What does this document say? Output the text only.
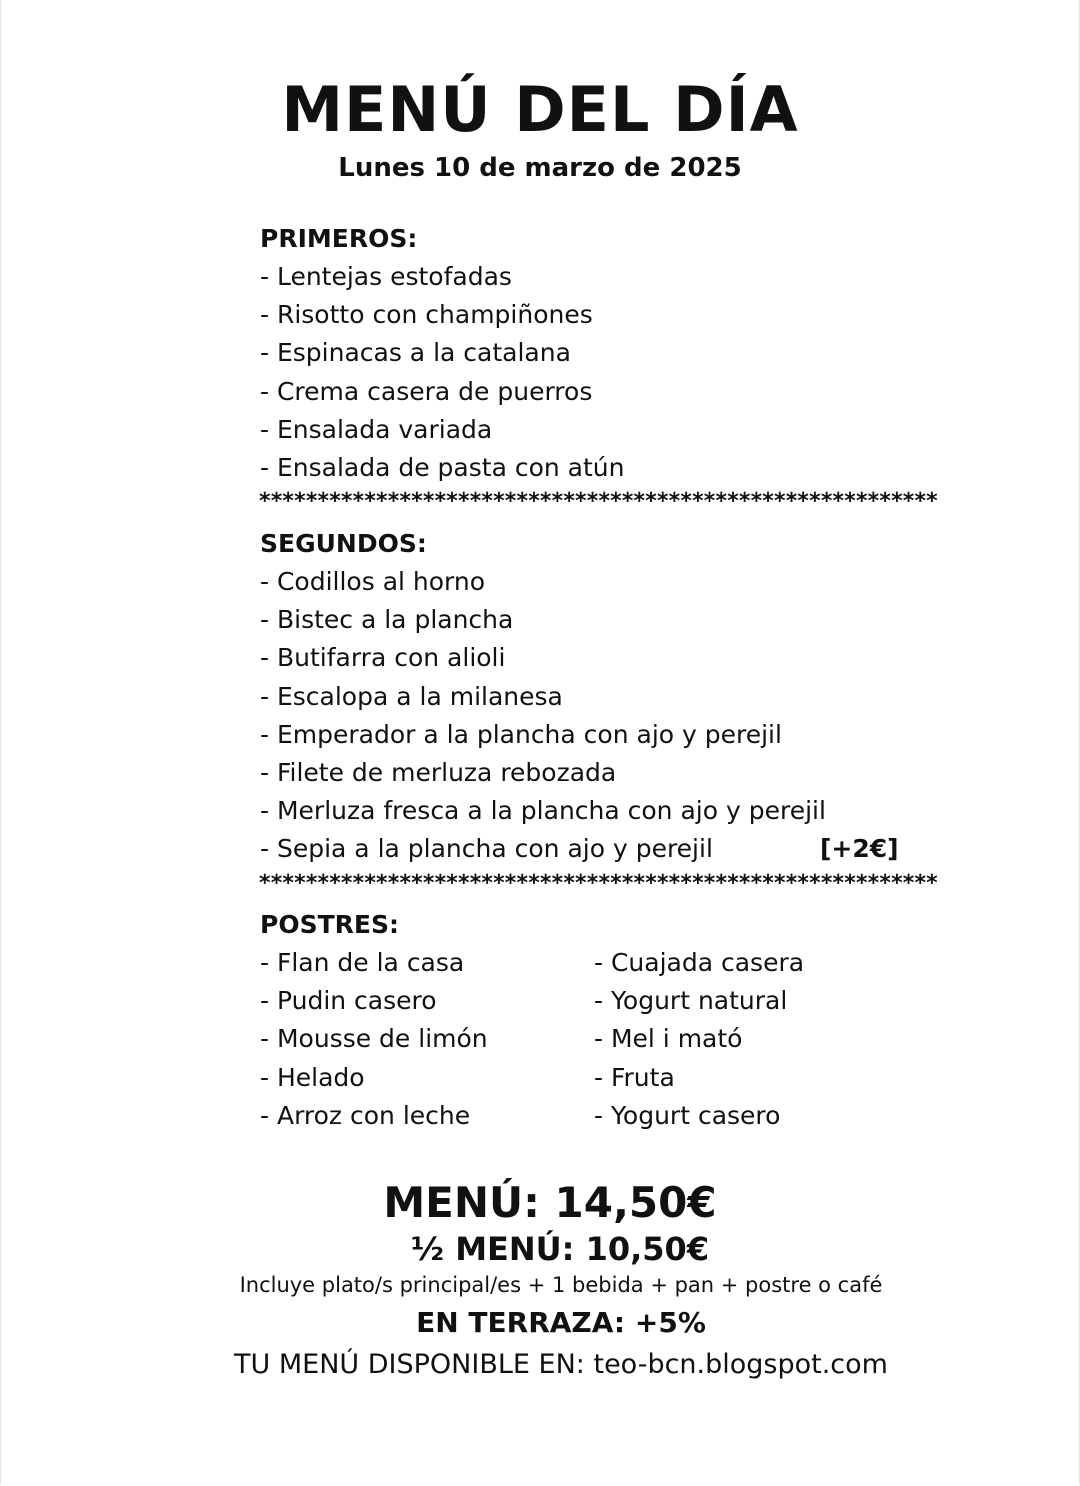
MENÚ DEL DÍA
Lunes 10 de marzo de 2025
PRIMEROS:
- Lentejas estofadas
- Risotto con champiñones
- Espinacas a la catalana
- Crema casera de puerros
- Ensalada variada
- Ensalada de pasta con atún
**********************************************************
SEGUNDOS:
- Codillos al horno
- Bistec a la plancha
- Butifarra con alioli
- Escalopa a la milanesa
- Emperador a la plancha con ajo y perejil
- Filete de merluza rebozada
- Merluza fresca a la plancha con ajo y perejil
- Sepia a la plancha con ajo y perejil	[+2€]
**********************************************************
POSTRES:
- Flan de la casa
- Pudin casero
- Mousse de limón
- Helado
- Arroz con leche
- Cuajada casera
- Yogurt natural
- Mel i mató
- Fruta
- Yogurt casero
MENÚ: 14,50€
½ MENÚ: 10,50€
Incluye plato/s principal/es + 1 bebida + pan + postre o café
EN TERRAZA: +5%
TU MENÚ DISPONIBLE EN: teo-bcn.blogspot.com
